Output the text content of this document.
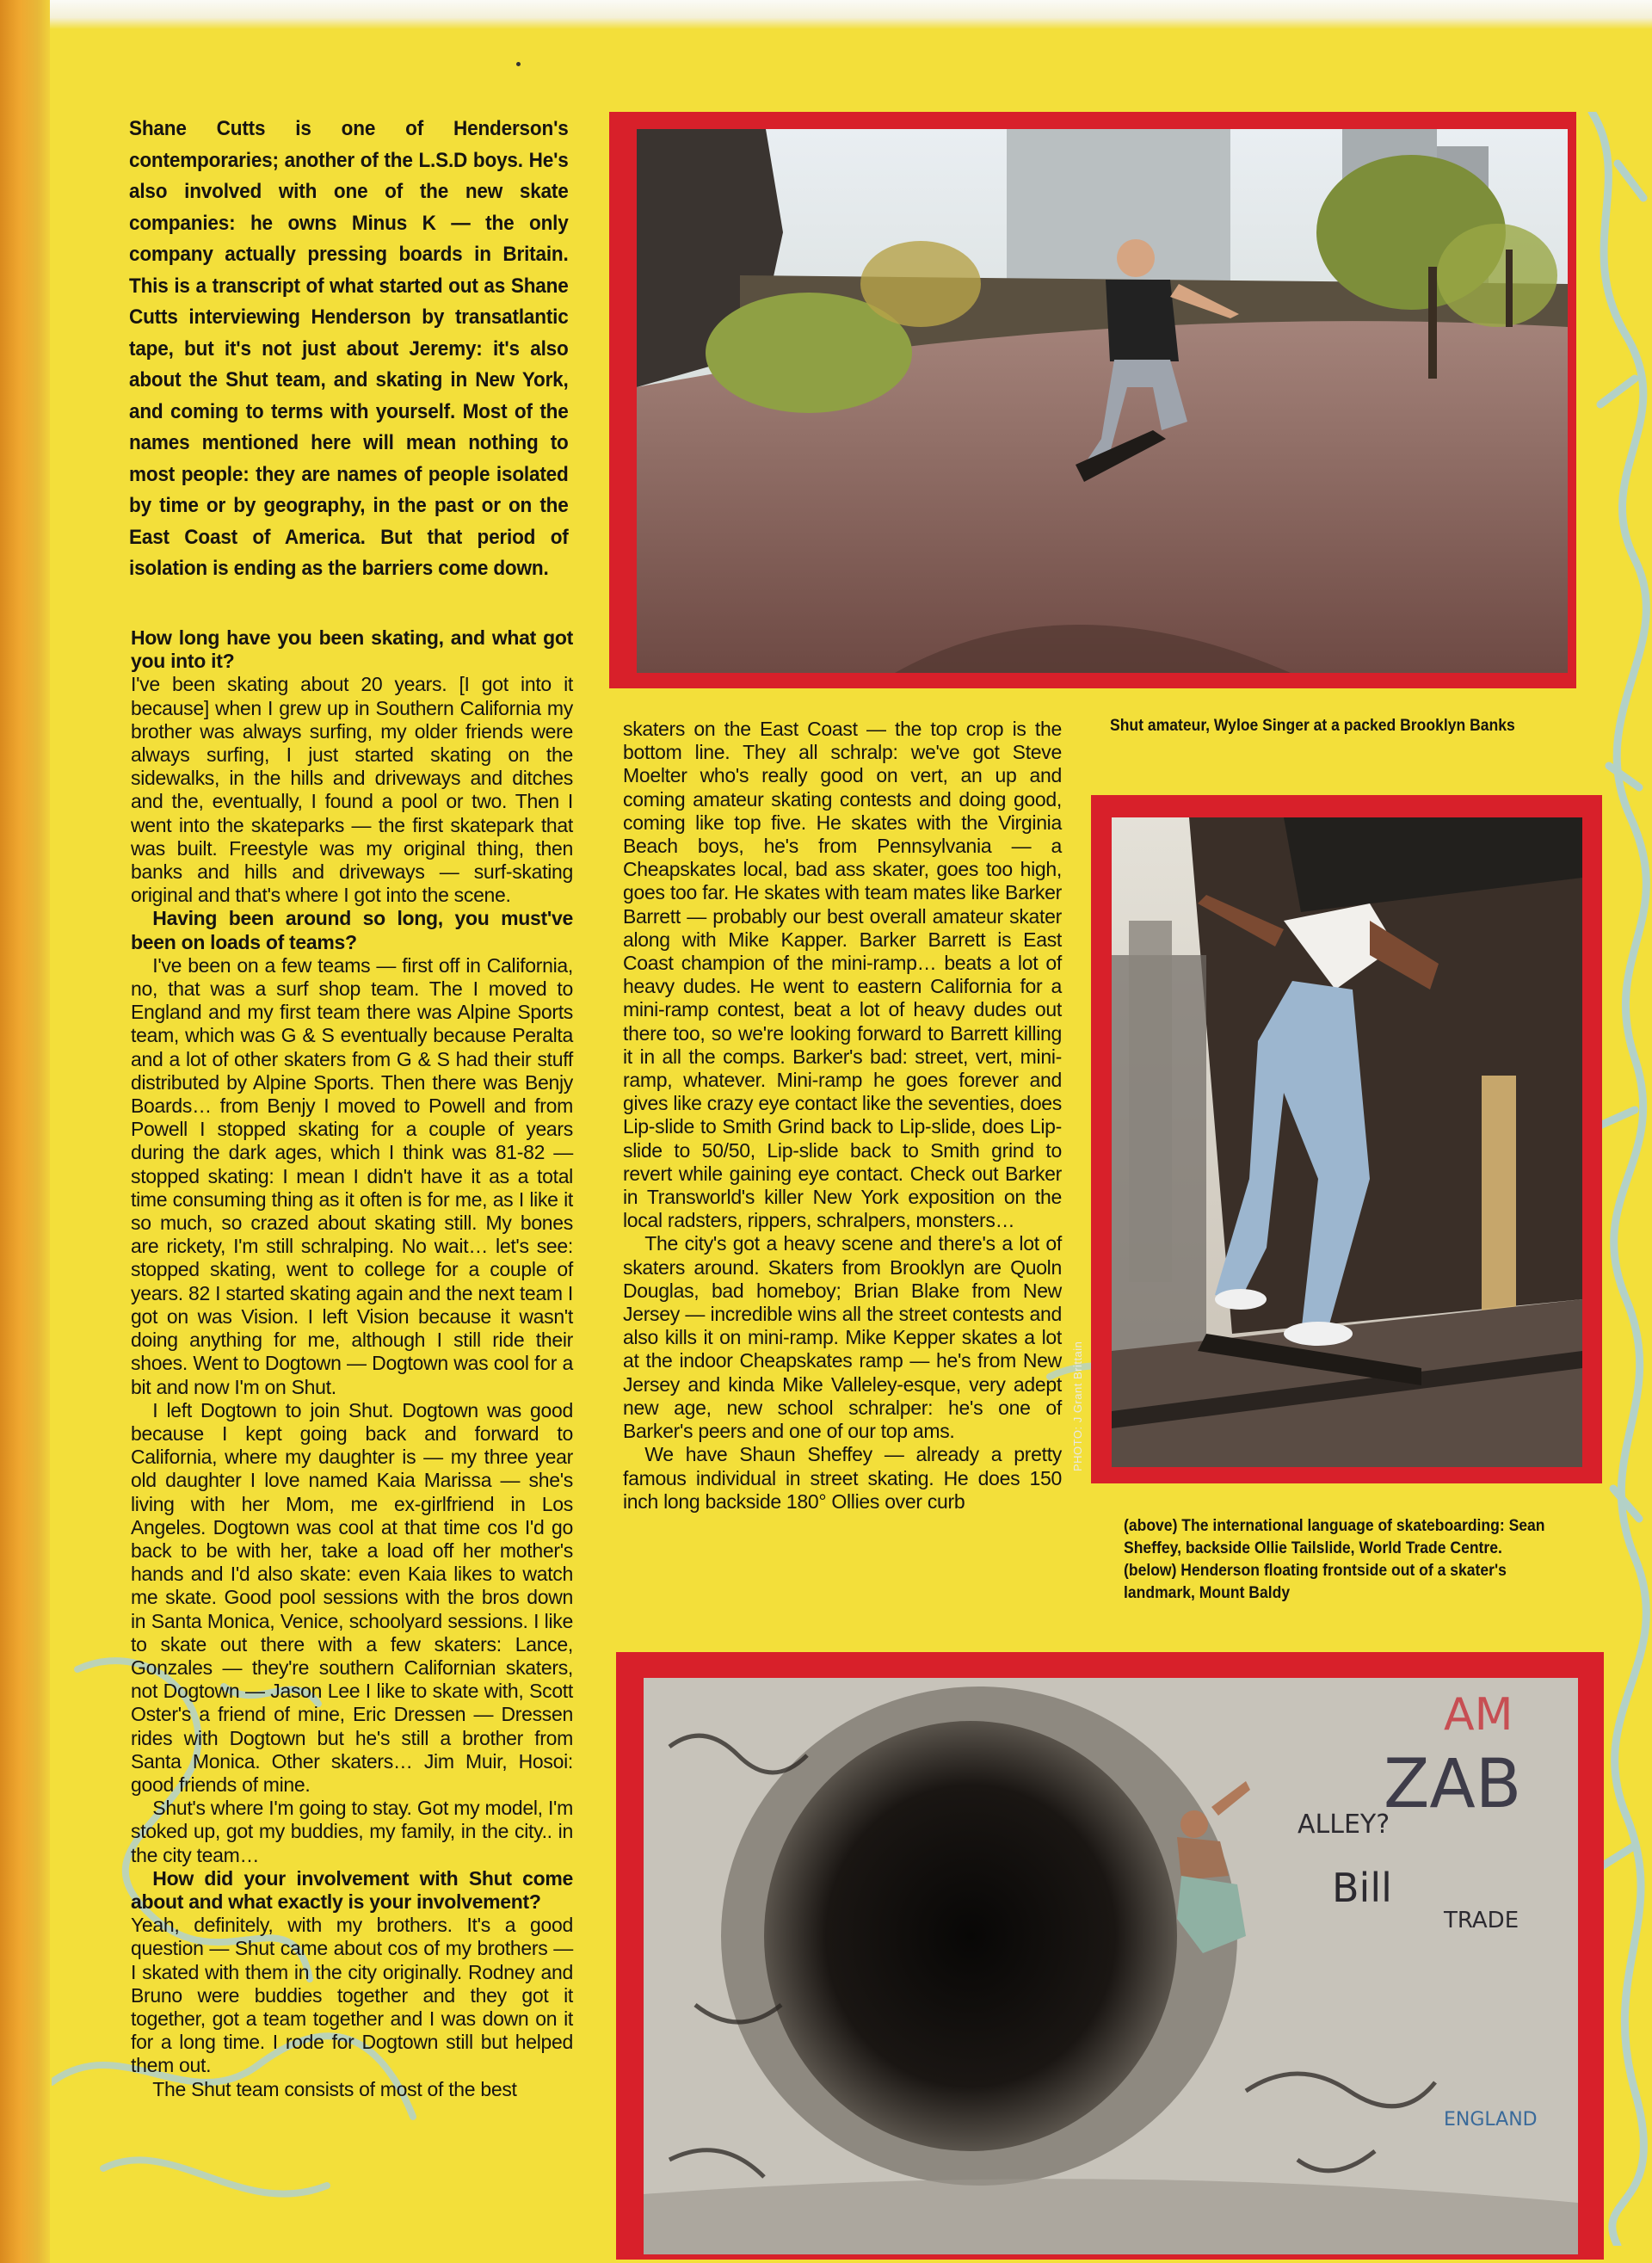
Shane Cutts is one of Henderson's contemporaries; another of the L.S.D boys. He's also involved with one of the new skate companies: he owns Minus K — the only company actually pressing boards in Britain. This is a transcript of what started out as Shane Cutts interviewing Henderson by transatlantic tape, but it's not just about Jeremy: it's also about the Shut team, and skating in New York, and coming to terms with yourself. Most of the names mentioned here will mean nothing to most people: they are names of people isolated by time or by geography, in the past or on the East Coast of America. But that period of isolation is ending as the barriers come down.

How long have you been skating, and what got you into it?

I've been skating about 20 years. [I got into it because] when I grew up in Southern California my brother was always surfing, my older friends were always surfing, I just started skating on the sidewalks, in the hills and driveways and ditches and the, eventually, I found a pool or two. Then I went into the skateparks — the first skatepark that was built. Freestyle was my original thing, then banks and hills and driveways — surf-skating original and that's where I got into the scene.

Having been around so long, you must've been on loads of teams?

I've been on a few teams — first off in California, no, that was a surf shop team. The I moved to England and my first team there was Alpine Sports team, which was G & S eventually because Peralta and a lot of other skaters from G & S had their stuff distributed by Alpine Sports. Then there was Benjy Boards… from Benjy I moved to Powell and from Powell I stopped skating for a couple of years during the dark ages, which I think was 81-82 — stopped skating: I mean I didn't have it as a total time consuming thing as it often is for me, as I like it so much, so crazed about skating still. My bones are rickety, I'm still schralping. No wait… let's see: stopped skating, went to college for a couple of years. 82 I started skating again and the next team I got on was Vision. I left Vision because it wasn't doing anything for me, although I still ride their shoes. Went to Dogtown — Dogtown was cool for a bit and now I'm on Shut.

I left Dogtown to join Shut. Dogtown was good because I kept going back and forward to California, where my daughter is — my three year old daughter I love named Kaia Marissa — she's living with her Mom, me ex-girlfriend in Los Angeles. Dogtown was cool at that time cos I'd go back to be with her, take a load off her mother's hands and I'd also skate: even Kaia likes to watch me skate. Good pool sessions with the bros down in Santa Monica, Venice, schoolyard sessions. I like to skate out there with a few skaters: Lance, Gonzales — they're southern Californian skaters, not Dogtown — Jason Lee I like to skate with, Scott Oster's a friend of mine, Eric Dressen — Dressen rides with Dogtown but he's still a brother from Santa Monica. Other skaters… Jim Muir, Hosoi: good friends of mine.

Shut's where I'm going to stay. Got my model, I'm stoked up, got my buddies, my family, in the city.. in the city team…

How did your involvement with Shut come about and what exactly is your involvement?

Yeah, definitely, with my brothers. It's a good question — Shut came about cos of my brothers — I skated with them in the city originally. Rodney and Bruno were buddies together and they got it together, got a team together and I was down on it for a long time. I rode for Dogtown still but helped them out.

The Shut team consists of most of the best

skaters on the East Coast — the top crop is the bottom line. They all schralp: we've got Steve Moelter who's really good on vert, an up and coming amateur skating contests and doing good, coming like top five. He skates with the Virginia Beach boys, he's from Pennsylvania — a Cheapskates local, bad ass skater, goes too high, goes too far. He skates with team mates like Barker Barrett — probably our best overall amateur skater along with Mike Kapper. Barker Barrett is East Coast champion of the mini-ramp… beats a lot of heavy dudes. He went to eastern California for a mini-ramp contest, beat a lot of heavy dudes out there too, so we're looking forward to Barrett killing it in all the comps. Barker's bad: street, vert, mini-ramp, whatever. Mini-ramp he goes forever and gives like crazy eye contact like the seventies, does Lip-slide to Smith Grind back to Lip-slide, does Lip-slide to 50/50, Lip-slide back to Smith grind to revert while gaining eye contact. Check out Barker in Transworld's killer New York exposition on the local radsters, rippers, schralpers, monsters…

The city's got a heavy scene and there's a lot of skaters around. Skaters from Brooklyn are Quoln Douglas, bad homeboy; Brian Blake from New Jersey — incredible wins all the street contests and also kills it on mini-ramp. Mike Kepper skates a lot at the indoor Cheapskates ramp — he's from New Jersey and kinda Mike Valleley-esque, very adept new age, new school schralper: he's one of Barker's peers and one of our top ams.

We have Shaun Sheffey — already a pretty famous individual in street skating. He does 150 inch long backside 180° Ollies over curb

Shut amateur, Wyloe Singer at a packed Brooklyn Banks
PHOTO: J Grant Brittain
(above) The international language of skateboarding: Sean Sheffey, backside Ollie Tailslide, World Trade Centre. (below) Henderson floating frontside out of a skater's landmark, Mount Baldy
ZAB
AM
Bill
TRADE
ENGLAND
ALLEY?
